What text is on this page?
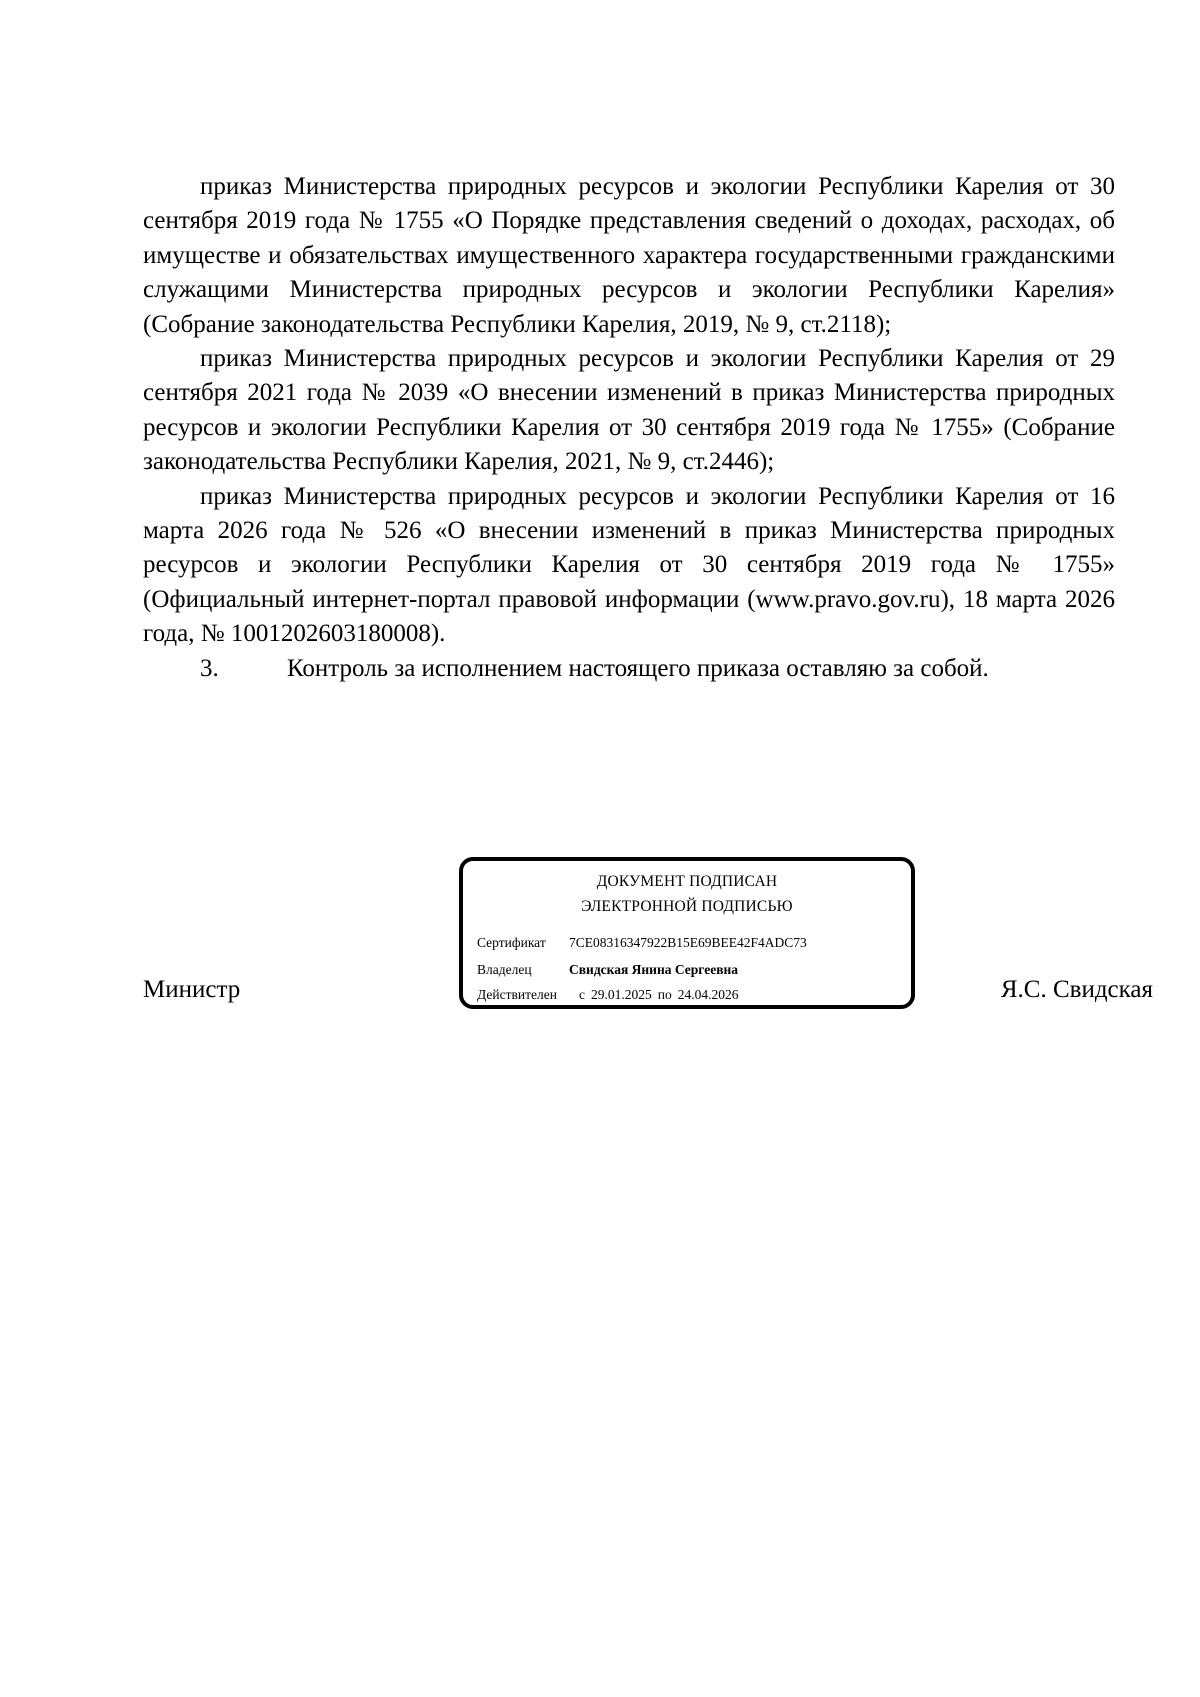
приказ Министерства природных ресурсов и экологии Республики Карелия от 30 сентября 2019 года № 1755 «О Порядке представления сведений о доходах, расходах, об имуществе и обязательствах имущественного характера государственными гражданскими служащими Министерства природных ресурсов и экологии Республики Карелия» (Собрание законодательства Республики Карелия, 2019, № 9, ст.2118);

приказ Министерства природных ресурсов и экологии Республики Карелия от 29 сентября 2021 года № 2039 «О внесении изменений в приказ Министерства природных ресурсов и экологии Республики Карелия от 30 сентября 2019 года № 1755» (Собрание законодательства Республики Карелия, 2021, № 9, ст.2446);

приказ Министерства природных ресурсов и экологии Республики Карелия от 16 марта 2026 года № 526 «О внесении изменений в приказ Министерства природных ресурсов и экологии Республики Карелия от 30 сентября 2019 года № 1755» (Официальный интернет-портал правовой информации (www.pravo.gov.ru), 18 марта 2026 года, № 1001202603180008).

3.	Контроль за исполнением настоящего приказа оставляю за собой.

Министр	Я.С. Свидская
ДОКУМЕНТ ПОДПИСАН
ЭЛЕКТРОННОЙ ПОДПИСЬЮ
Сертификат 7CE08316347922B15E69BEE42F4ADC73
Владелец	Свидская Янина Сергеевна
Действителен с 29.01.2025 по 24.04.2026
